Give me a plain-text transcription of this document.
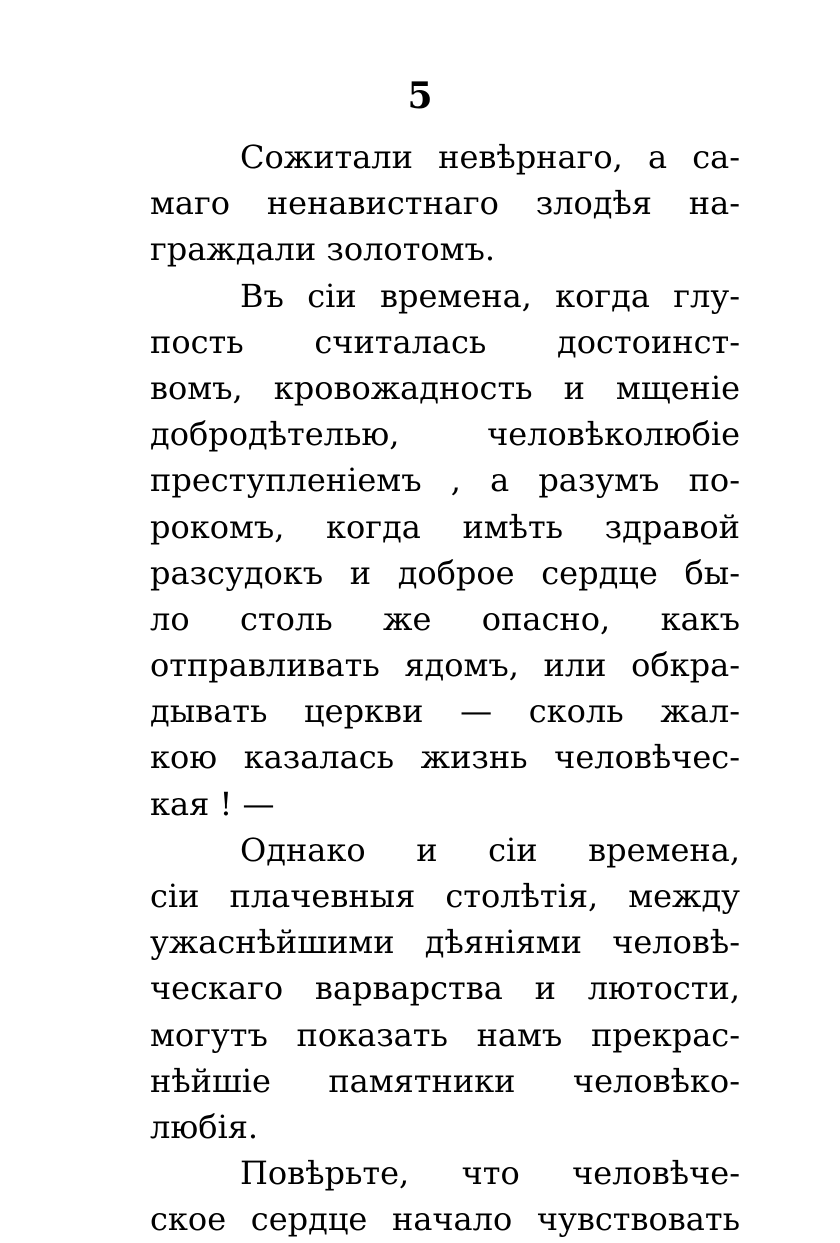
5
Сожитали невѣрнаго, а са-
маго ненавистнаго злодѣя на-
граждали золотомъ.
Въ сіи времена, когда глу-
пость считалась достоинст-
вомъ, кровожадность и мщеніе
добродѣтелью, человѣколюбіе
преступленіемъ , а разумъ по-
рокомъ, когда имѣть здравой
разсудокъ и доброе сердце бы-
ло столь же опасно, какъ
отправливать ядомъ, или обкра-
дывать церкви — сколь жал-
кою казалась жизнь человѣчес-
кая ! —
Однако и сіи времена,
сіи плачевныя столѣтія, между
ужаснѣйшими дѣяніями человѣ-
ческаго варварства и лютости,
могутъ показать намъ прекрас-
нѣйшіе памятники человѣко-
любія.
Повѣрьте, что человѣче-
ское сердце начало чувствовать
